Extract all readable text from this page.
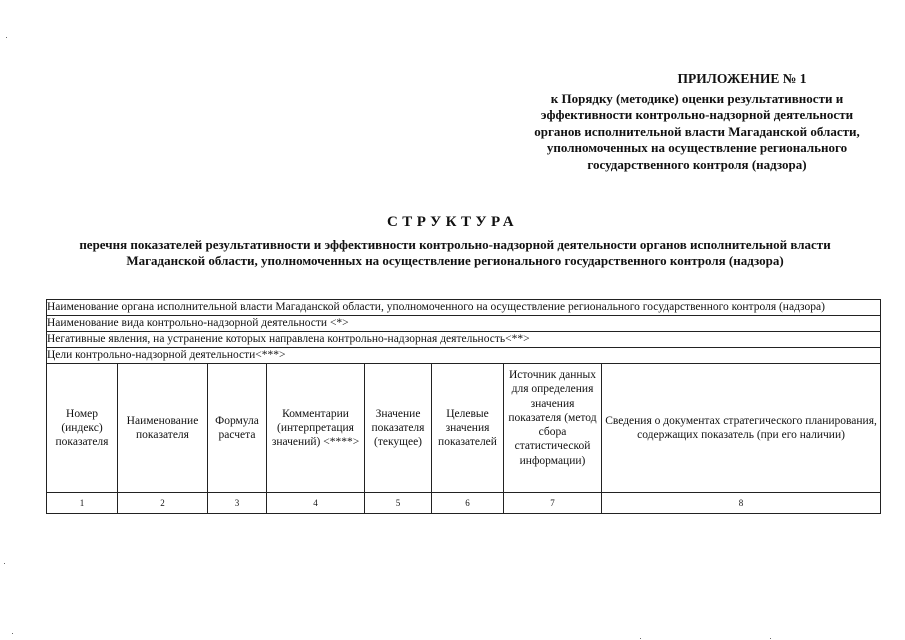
ПРИЛОЖЕНИЕ № 1
к Порядку (методике) оценки результативности и эффективности контрольно-надзорной деятельности органов исполнительной власти Магаданской области, уполномоченных на осуществление регионального государственного контроля (надзора)
СТРУКТУРА
перечня показателей результативности и эффективности контрольно-надзорной деятельности органов исполнительной власти Магаданской области, уполномоченных на осуществление регионального государственного контроля (надзора)
Наименование органа исполнительной власти Магаданской области, уполномоченного на осуществление регионального государственного контроля (надзора)							
Наименование вида контрольно-надзорной деятельности <*>							
Негативные явления, на устранение которых направлена контрольно-надзорная деятельность<**>							
Цели контрольно-надзорной деятельности<***>							
Номер (индекс) показателя	Наименование показателя	Формула расчета	Комментарии (интерпретация значений) <****>	Значение показателя (текущее)	Целевые значения показателей	Источник данных для определения значения показателя (метод сбора статистической информации)	Сведения о документах стратегического планирования, содержащих показатель (при его наличии)
1	2	3	4	5	6	7	8
